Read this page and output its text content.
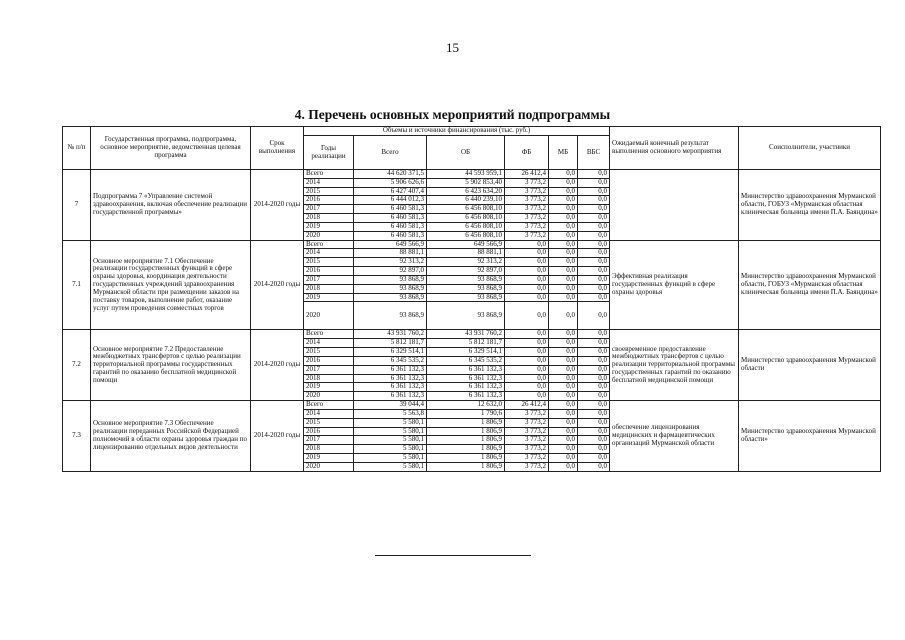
15
4. Перечень основных мероприятий подпрограммы
№ п/п	Государственная программа, подпрограмма, основное мероприятие, ведомственная целевая программа	Срок выполнения	Объемы и источники финансирования (тыс. руб.)						Ожидаемый конечный результат выполнения основного мероприятия	Соисполнители, участники
			Годы реализации	Всего	ОБ	ФБ	МБ	ВБС		
7	Подпрограмма 7 «Управление системой здравоохранения, включая обеспечение реализации государственной программы»	2014-2020 годы	Всего	44 620 371,5	44 593 959,1	26 412,4	0,0	0,0		Министерство здравоохранения Мурманской области, ГОБУЗ «Мурманская областная клиническая больница имени П.А. Баяндина»
			2014	5 906 626,6	5 902 853,40	3 773,2	0,0	0,0		
			2015	6 427 407,4	6 423 634,20	3 773,2	0,0	0,0		
			2016	6 444 012,3	6 440 239,10	3 773,2	0,0	0,0		
			2017	6 460 581,3	6 456 808,10	3 773,2	0,0	0,0		
			2018	6 460 581,3	6 456 808,10	3 773,2	0,0	0,0		
			2019	6 460 581,3	6 456 808,10	3 773,2	0,0	0,0		
			2020	6 460 581,3	6 456 808,10	3 773,2	0,0	0,0		
7.1	Основное мероприятие 7.1 Обеспечение реализации государственных функций в сфере охраны здоровья, координация деятельности государственных учреждений здравоохранения Мурманской области при размещении заказов на поставку товаров, выполнение работ, оказание услуг путем проведения совместных торгов	2014-2020 годы	Всего	649 566,9	649 566,9	0,0	0,0	0,0	Эффективная реализация государственных функций в сфере охраны здоровья	Министерство здравоохранения Мурманской области, ГОБУЗ «Мурманская областная клиническая больница имени П.А. Баяндина»
			2014	88 881,1	88 881,1	0,0	0,0	0,0		
			2015	92 313,2	92 313,2	0,0	0,0	0,0		
			2016	92 897,0	92 897,0	0,0	0,0	0,0		
			2017	93 868,9	93 868,9	0,0	0,0	0,0		
			2018	93 868,9	93 868,9	0,0	0,0	0,0		
			2019	93 868,9	93 868,9	0,0	0,0	0,0		
			2020	93 868,9	93 868,9	0,0	0,0	0,0		
7.2	Основное мероприятие 7.2 Предоставление межбюджетных трансфертов с целью реализации территориальной программы государственных гарантий по оказанию бесплатной медицинской помощи	2014-2020 годы	Всего	43 931 760,2	43 931 760,2	0,0	0,0	0,0	своевременное предоставление межбюджетных трансфертов с целью реализации территориальной программы государственных гарантий по оказанию бесплатной медицинской помощи	Министерство здравоохранения Мурманской области
			2014	5 812 181,7	5 812 181,7	0,0	0,0	0,0		
			2015	6 329 514,1	6 329 514,1	0,0	0,0	0,0		
			2016	6 345 535,2	6 345 535,2	0,0	0,0	0,0		
			2017	6 361 132,3	6 361 132,3	0,0	0,0	0,0		
			2018	6 361 132,3	6 361 132,3	0,0	0,0	0,0		
			2019	6 361 132,3	6 361 132,3	0,0	0,0	0,0		
			2020	6 361 132,3	6 361 132,3	0,0	0,0	0,0		
7.3	Основное мероприятие 7.3 Обеспечение реализации переданных Российской Федерацией полномочий в области охраны здоровья граждан по лицензированию отдельных видов деятельности	2014-2020 годы	Всего	39 044,4	12 632,0	26 412,4	0,0	0,0	обеспечение лицензирования медицинских и фармацевтических организаций Мурманской области	Министерство здравоохранения Мурманской области»
			2014	5 563,8	1 790,6	3 773,2	0,0	0,0		
			2015	5 580,1	1 806,9	3 773,2	0,0	0,0		
			2016	5 580,1	1 806,9	3 773,2	0,0	0,0		
			2017	5 580,1	1 806,9	3 773,2	0,0	0,0		
			2018	5 580,1	1 806,9	3 773,2	0,0	0,0		
			2019	5 580,1	1 806,9	3 773,2	0,0	0,0		
			2020	5 580,1	1 806,9	3 773,2	0,0	0,0		
